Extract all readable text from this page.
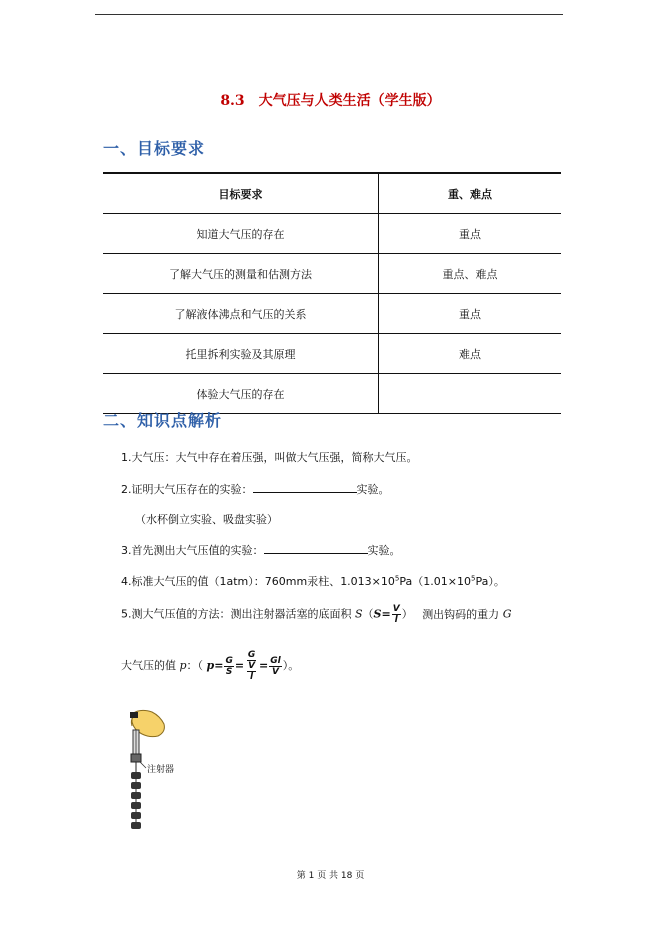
8.3　大气压与人类生活（学生版）
一、目标要求
目标要求	重、难点
知道大气压的存在	重点
了解大气压的测量和估测方法	重点、难点
了解液体沸点和气压的关系	重点
托里拆利实验及其原理	难点
体验大气压的存在	
二、知识点解析
1.大气压：大气中存在着压强，叫做大气压强，简称大气压。
2.证明大气压存在的实验：	实验。
（水杯倒立实验、吸盘实验）
3.首先测出大气压值的实验：	实验。
4.标准大气压的值（1atm）：760mm汞柱、$1.013\times 10^5Pa(1.01\times 10^5Pa)$。
5.测大气压值的方法：测出注射器活塞的底面积 $S(S= \frac{V}{l}$ ） 测出钩码的重力 G
大气压的值 p：（ $p= \frac{G}{S} = \frac{G}{\frac{V}{l}} = \frac{Gl}{V}$ ）。
注射器
第 1 页 共 18 页
